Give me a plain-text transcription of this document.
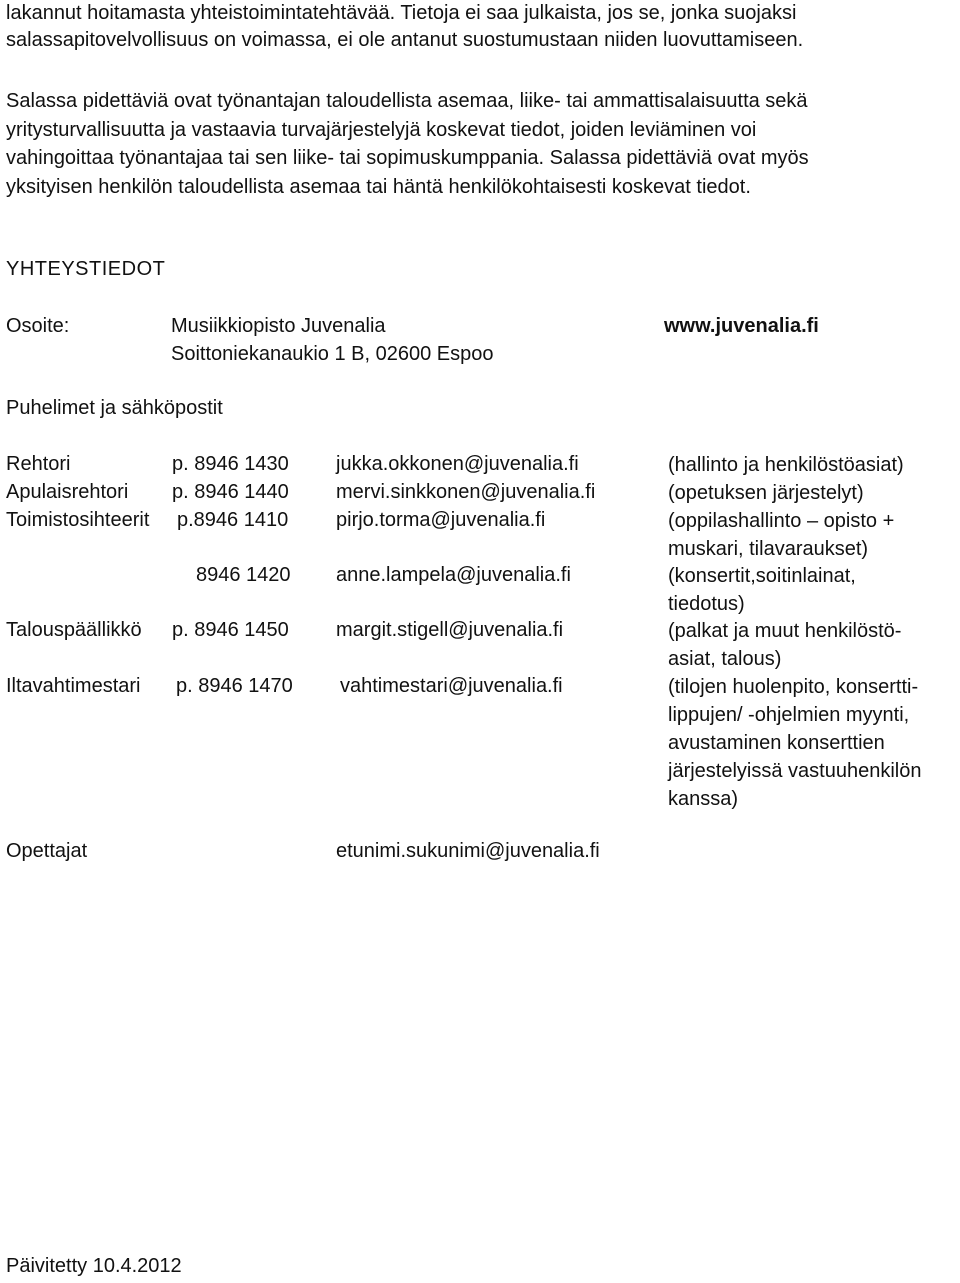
lakannut hoitamasta yhteistoimintatehtävää. Tietoja ei saa julkaista, jos se, jonka suojaksi
salassapitovelvollisuus on voimassa, ei ole antanut suostumustaan niiden luovuttamiseen.
Salassa pidettäviä ovat työnantajan taloudellista asemaa, liike- tai ammattisalaisuutta sekä
yritysturvallisuutta ja vastaavia turvajärjestelyjä koskevat tiedot, joiden leviäminen voi
vahingoittaa työnantajaa tai sen liike- tai sopimuskumppania. Salassa pidettäviä ovat myös
yksityisen henkilön taloudellista asemaa tai häntä henkilökohtaisesti koskevat tiedot.
YHTEYSTIEDOT
Osoite:	Musiikkiopisto Juvenalia
Soittoniekanaukio 1 B, 02600 Espoo
www.juvenalia.fi
Puhelimet ja sähköpostit
Rehtori	p. 8946 1430 jukka.okkonen@juvenalia.fi	(hallinto ja henkilöstöasiat)
Apulaisrehtori p. 8946 1440 mervi.sinkkonen@juvenalia.fi	(opetuksen järjestelyt)
Toimistosihteerit p.8946 1410 pirjo.torma@juvenalia.fi	(oppilashallinto – opisto +
muskari, tilavaraukset)
8946 1420 anne.lampela@juvenalia.fi	(konsertit,soitinlainat,
tiedotus)
Talouspäällikkö p. 8946 1450 margit.stigell@juvenalia.fi	(palkat ja muut henkilöstö-
asiat, talous)
Iltavahtimestari p. 8946 1470 vahtimestari@juvenalia.fi	(tilojen huolenpito, konsertti-
lippujen/ -ohjelmien myynti,
avustaminen konserttien
järjestelyissä vastuuhenkilön
kanssa)
Opettajat	etunimi.sukunimi@juvenalia.fi
Päivitetty 10.4.2012
